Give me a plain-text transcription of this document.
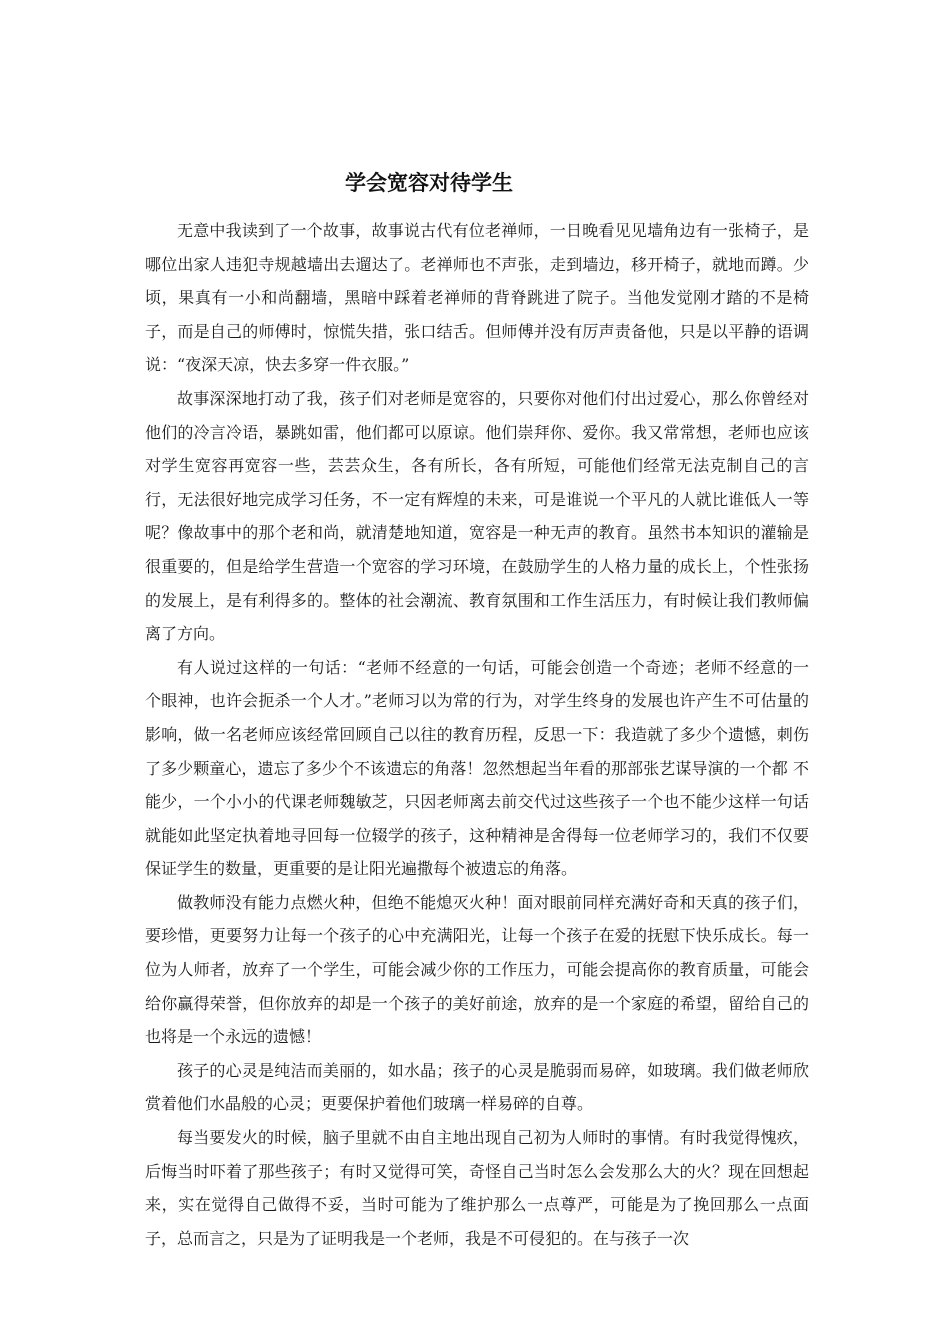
学会宽容对待学生

无意中我读到了一个故事，故事说古代有位老禅师，一日晚看见见墙角边有一张椅子，是哪位出家人违犯寺规越墙出去遛达了。老禅师也不声张，走到墙边，移开椅子，就地而蹲。少顷，果真有一小和尚翻墙，黑暗中踩着老禅师的背脊跳进了院子。当他发觉刚才踏的不是椅子，而是自己的师傅时，惊慌失措，张口结舌。但师傅并没有厉声责备他，只是以平静的语调说：“夜深天凉，快去多穿一件衣服。”

故事深深地打动了我，孩子们对老师是宽容的，只要你对他们付出过爱心，那么你曾经对他们的冷言冷语，暴跳如雷，他们都可以原谅。他们崇拜你、爱你。我又常常想，老师也应该对学生宽容再宽容一些，芸芸众生，各有所长，各有所短，可能他们经常无法克制自己的言行，无法很好地完成学习任务，不一定有辉煌的未来，可是谁说一个平凡的人就比谁低人一等呢？像故事中的那个老和尚，就清楚地知道，宽容是一种无声的教育。虽然书本知识的灌输是很重要的，但是给学生营造一个宽容的学习环境，在鼓励学生的人格力量的成长上，个性张扬的发展上，是有利得多的。整体的社会潮流、教育氛围和工作生活压力，有时候让我们教师偏离了方向。

有人说过这样的一句话：“老师不经意的一句话，可能会创造一个奇迹；老师不经意的一个眼神，也许会扼杀一个人才。”老师习以为常的行为，对学生终身的发展也许产生不可估量的影响，做一名老师应该经常回顾自己以往的教育历程，反思一下：我造就了多少个遗憾，刺伤了多少颗童心，遗忘了多少个不该遗忘的角落！忽然想起当年看的那部张艺谋导演的一个都 不能少，一个小小的代课老师魏敏芝，只因老师离去前交代过这些孩子一个也不能少这样一句话就能如此坚定执着地寻回每一位辍学的孩子，这种精神是舍得每一位老师学习的，我们不仅要保证学生的数量，更重要的是让阳光遍撒每个被遗忘的角落。

做教师没有能力点燃火种，但绝不能熄灭火种！面对眼前同样充满好奇和天真的孩子们，要珍惜，更要努力让每一个孩子的心中充满阳光，让每一个孩子在爱的抚慰下快乐成长。每一位为人师者，放弃了一个学生，可能会减少你的工作压力，可能会提高你的教育质量，可能会给你赢得荣誉，但你放弃的却是一个孩子的美好前途，放弃的是一个家庭的希望，留给自己的也将是一个永远的遗憾！

孩子的心灵是纯洁而美丽的，如水晶；孩子的心灵是脆弱而易碎，如玻璃。我们做老师欣赏着他们水晶般的心灵；更要保护着他们玻璃一样易碎的自尊。

每当要发火的时候，脑子里就不由自主地出现自己初为人师时的事情。有时我觉得愧疚，后悔当时吓着了那些孩子；有时又觉得可笑，奇怪自己当时怎么会发那么大的火？现在回想起来，实在觉得自己做得不妥，当时可能为了维护那么一点尊严，可能是为了挽回那么一点面子，总而言之，只是为了证明我是一个老师，我是不可侵犯的。在与孩子一次
